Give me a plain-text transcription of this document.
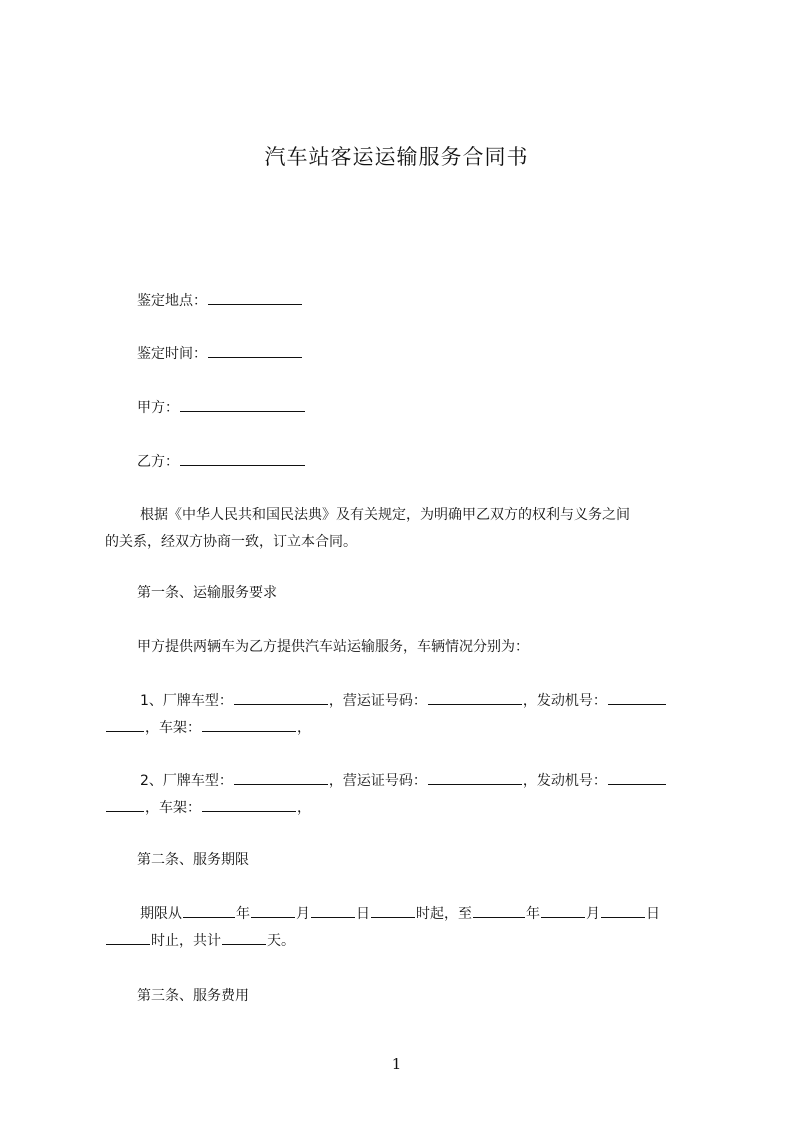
汽车站客运运输服务合同书
鉴定地点：
鉴定时间：
甲方：
乙方：
根据《中华人民共和国民法典》及有关规定，为明确甲乙双方的权利与义务之间
的关系，经双方协商一致，订立本合同。
第一条、运输服务要求
甲方提供两辆车为乙方提供汽车站运输服务，车辆情况分别为：
1、厂牌车型：	，营运证号码：	，发动机号：
，车架：	，
2、厂牌车型：	，营运证号码：	，发动机号：
，车架：	，
第二条、服务期限
期限从	年	月	日	时起，至	年	月	日
时止，共计	天。
第三条、服务费用
1
